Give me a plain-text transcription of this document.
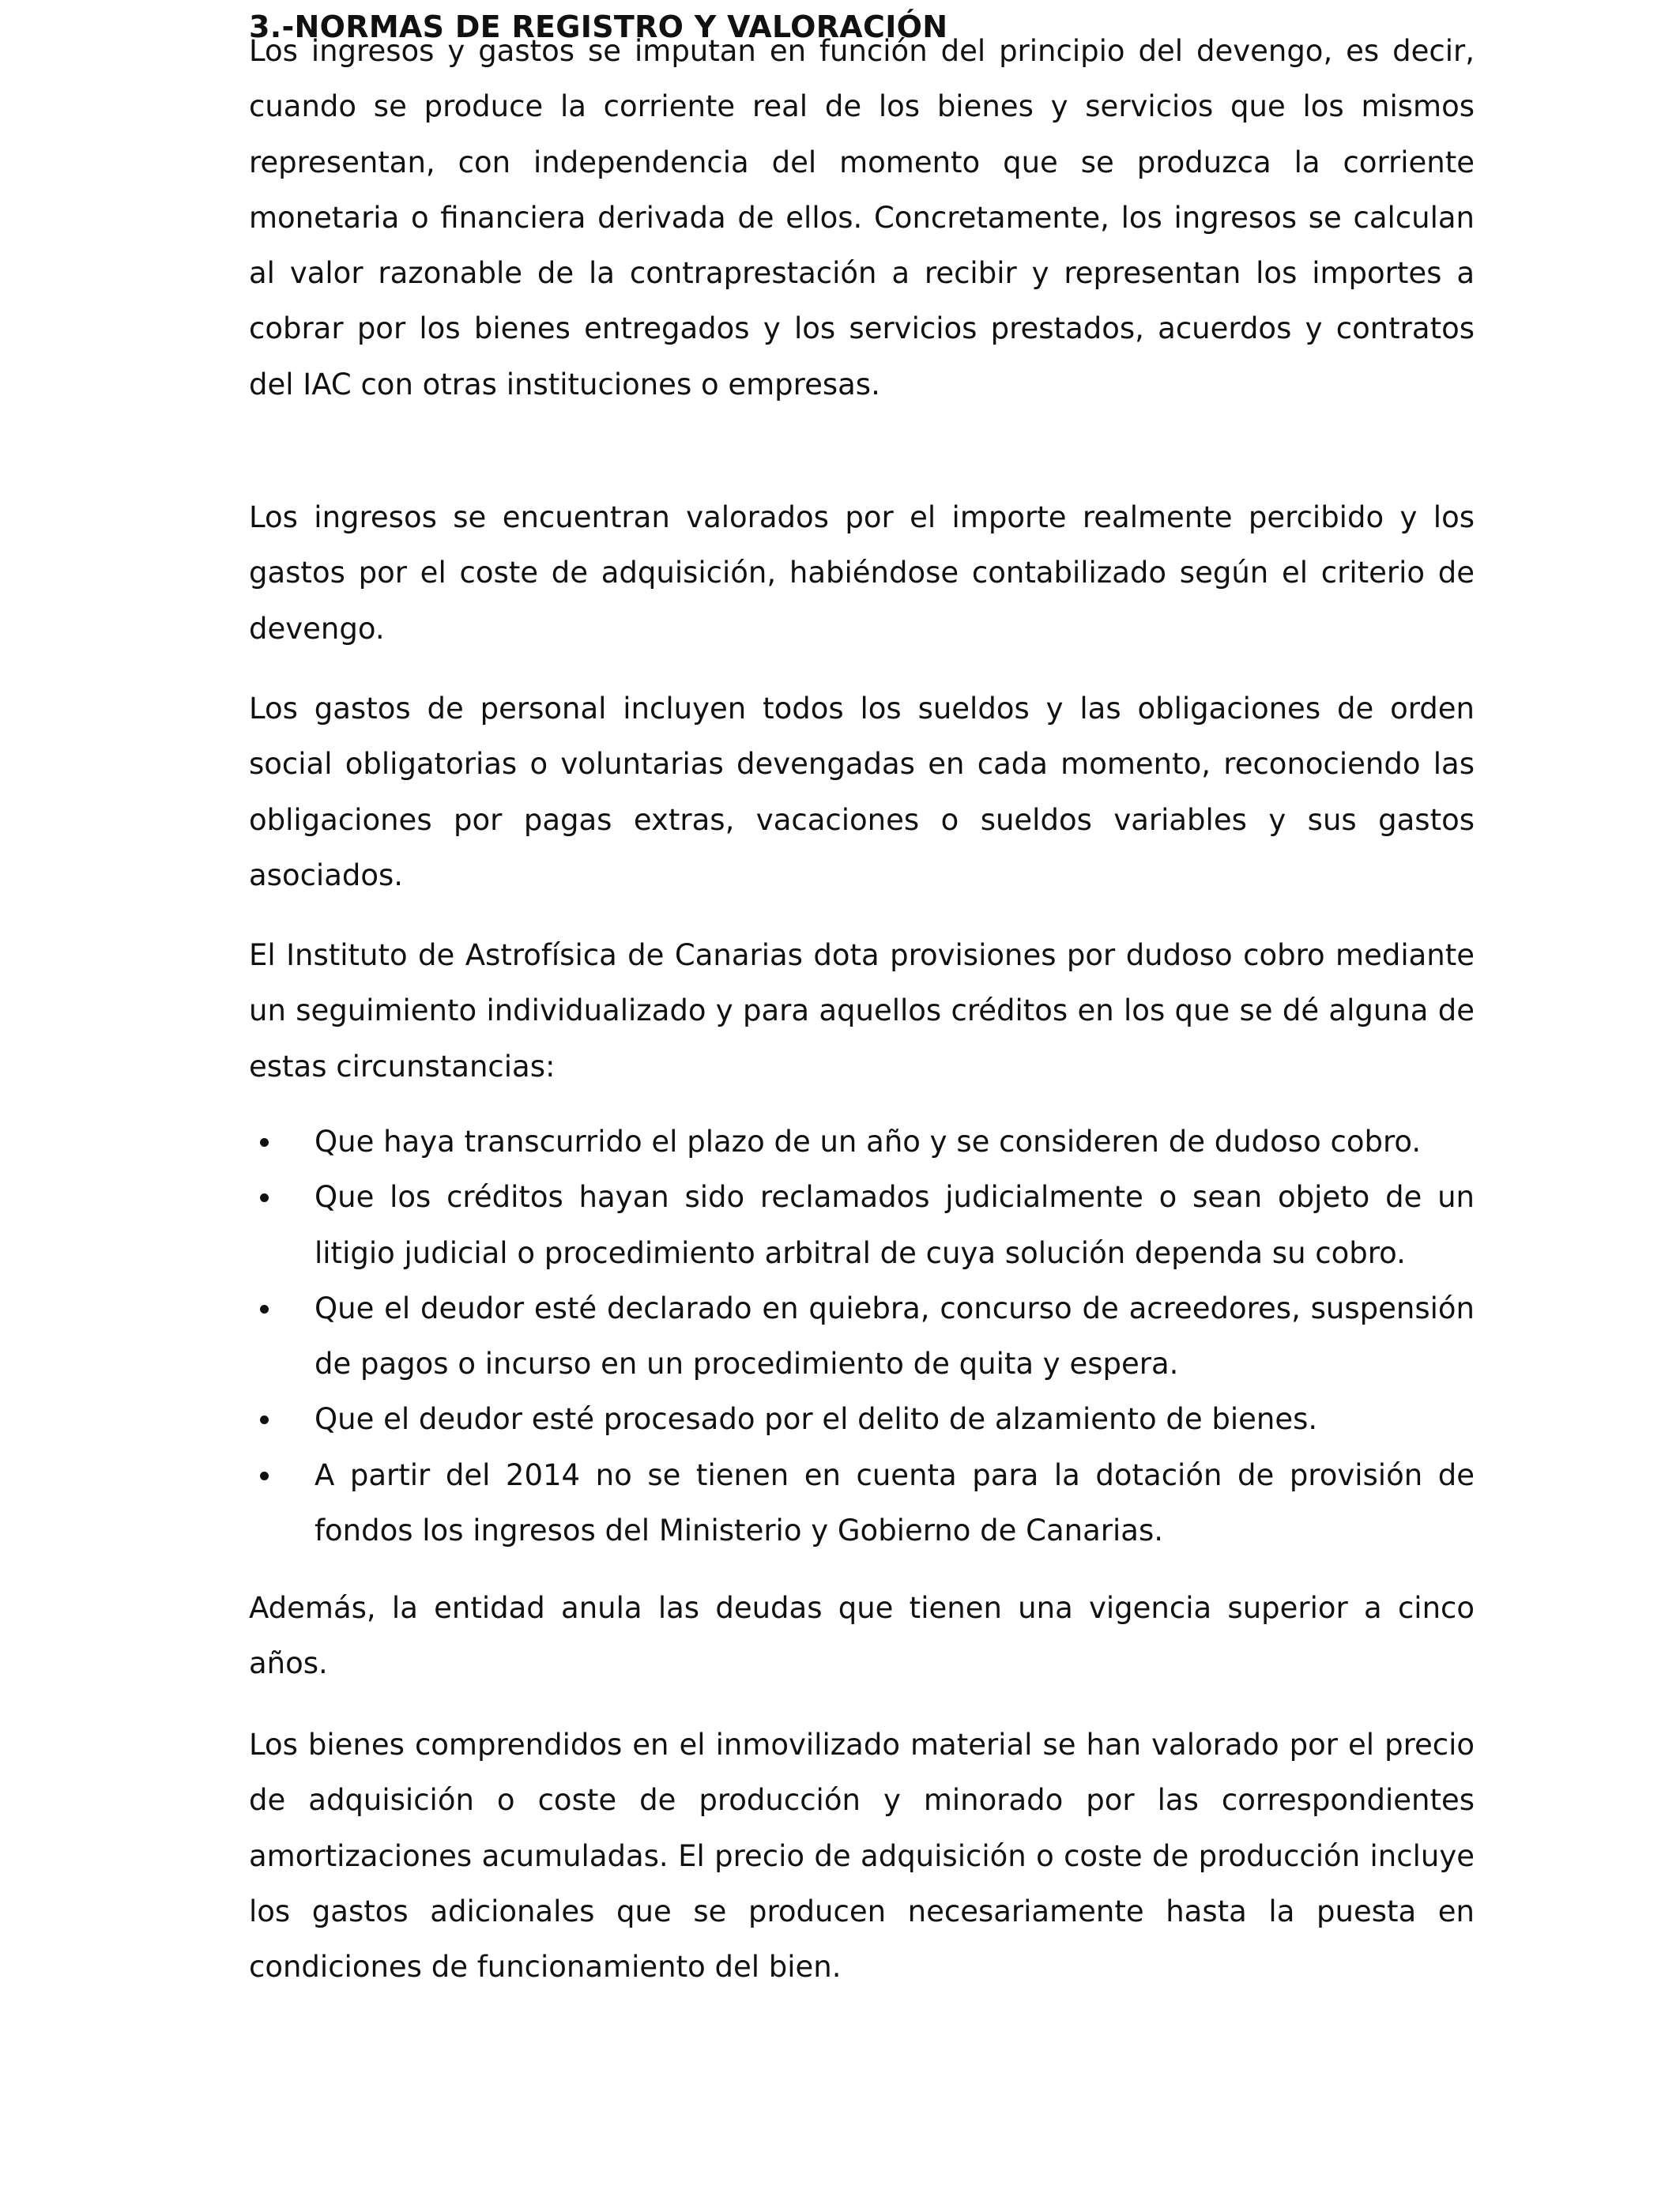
3.-NORMAS DE REGISTRO Y VALORACIÓN

Los ingresos y gastos se imputan en función del principio del devengo, es decir, cuando se produce la corriente real de los bienes y servicios que los mismos representan, con independencia del momento que se produzca la corriente monetaria o financiera derivada de ellos. Concretamente, los ingresos se calculan al valor razonable de la contraprestación a recibir y representan los importes a cobrar por los bienes entregados y los servicios prestados, acuerdos y contratos del IAC con otras instituciones o empresas.

Los ingresos se encuentran valorados por el importe realmente percibido y los gastos por el coste de adquisición, habiéndose contabilizado según el criterio de devengo.

Los gastos de personal incluyen todos los sueldos y las obligaciones de orden social obligatorias o voluntarias devengadas en cada momento, reconociendo las obligaciones por pagas extras, vacaciones o sueldos variables y sus gastos asociados.

El Instituto de Astrofísica de Canarias dota provisiones por dudoso cobro mediante un seguimiento individualizado y para aquellos créditos en los que se dé alguna de estas circunstancias:

Que haya transcurrido el plazo de un año y se consideren de dudoso cobro.
Que los créditos hayan sido reclamados judicialmente o sean objeto de un litigio judicial o procedimiento arbitral de cuya solución dependa su cobro.
Que el deudor esté declarado en quiebra, concurso de acreedores, suspensión de pagos o incurso en un procedimiento de quita y espera.
Que el deudor esté procesado por el delito de alzamiento de bienes.
A partir del 2014 no se tienen en cuenta para la dotación de provisión de fondos los ingresos del Ministerio y Gobierno de Canarias.

Además, la entidad anula las deudas que tienen una vigencia superior a cinco años.

Los bienes comprendidos en el inmovilizado material se han valorado por el precio de adquisición o coste de producción y minorado por las correspondientes amortizaciones acumuladas. El precio de adquisición o coste de producción incluye los gastos adicionales que se producen necesariamente hasta la puesta en condiciones de funcionamiento del bien.
